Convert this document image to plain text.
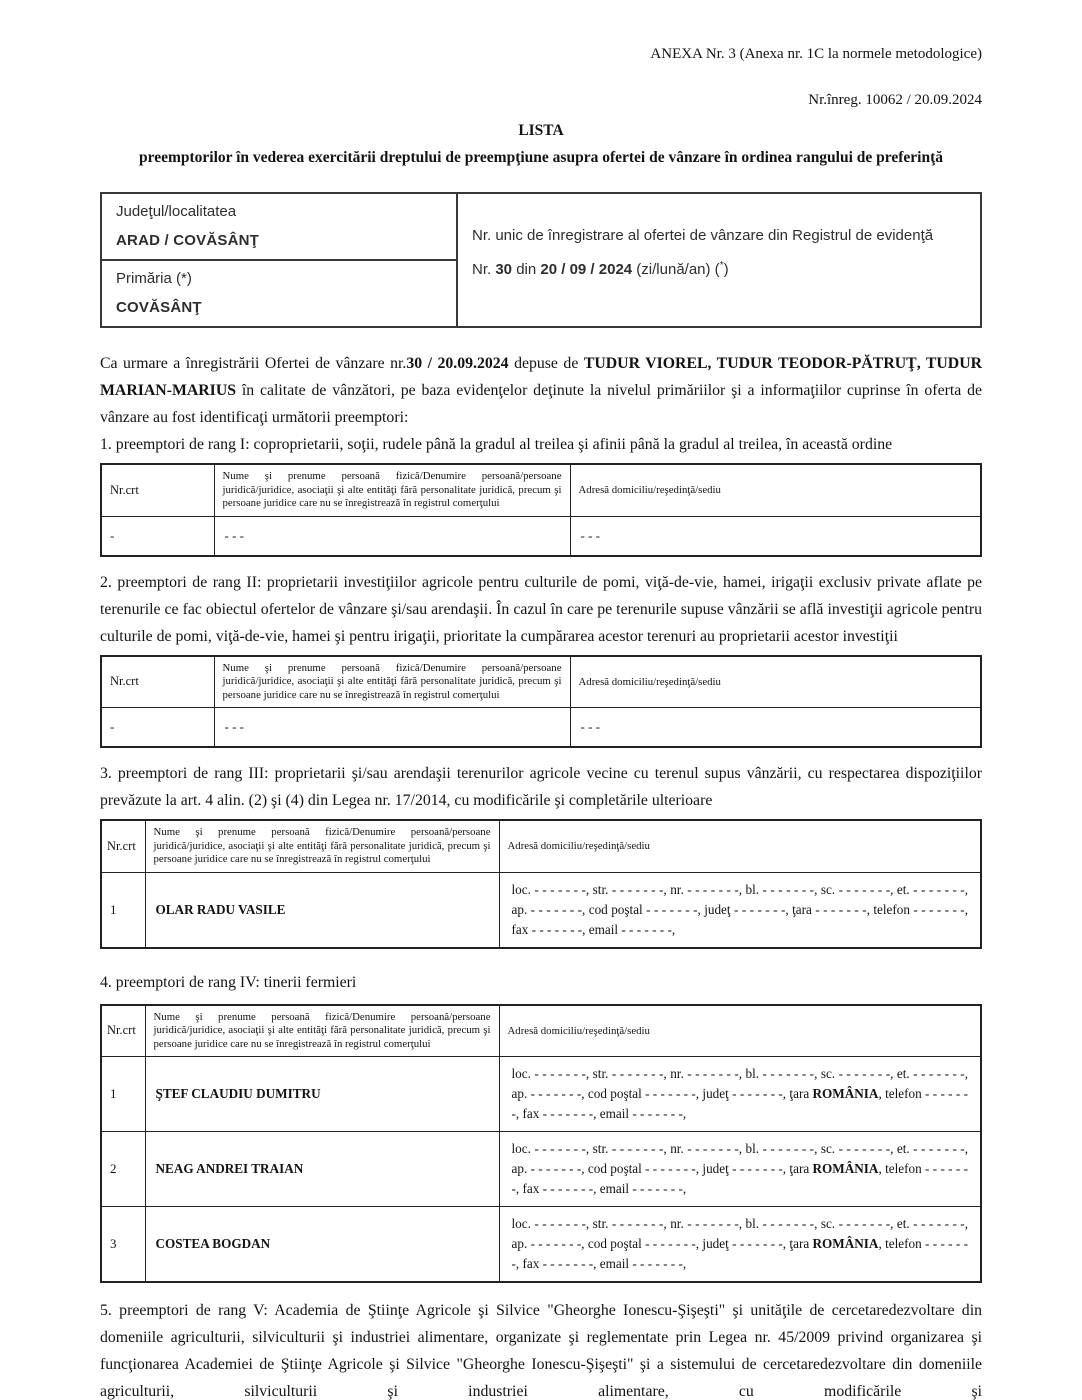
ANEXA Nr. 3 (Anexa nr. 1C la normele metodologice)
Nr.înreg. 10062 / 20.09.2024
LISTA
preemptorilor în vederea exercitării dreptului de preempţiune asupra ofertei de vânzare în ordinea rangului de preferinţă
Judeţul/localitatea
ARAD / COVĂSÂNŢ	Nr. unic de înregistrare al ofertei de vânzare din Registrul de evidenţă

Nr. 30 din 20 / 09 / 2024 (zi/lună/an) (*)

Primăria (*)
COVĂSÂNŢ

Ca urmare a înregistrării Ofertei de vânzare nr.30 / 20.09.2024 depuse de TUDUR VIOREL, TUDUR TEODOR-PĂTRUŢ, TUDUR MARIAN-MARIUS în calitate de vânzători, pe baza evidenţelor deţinute la nivelul primăriilor şi a informaţiilor cuprinse în oferta de vânzare au fost identificaţi următorii preemptori:

1. preemptori de rang I: coproprietarii, soţii, rudele până la gradul al treilea şi afinii până la gradul al treilea, în această ordine

Nr.crt	Nume şi prenume persoană fizică/Denumire persoană/persoane juridică/juridice, asociaţii şi alte entităţi fără personalitate juridică, precum şi persoane juridice care nu se înregistrează în registrul comerţului	Adresă domiciliu/reşedinţă/sediu
-	- - -	- - -

2. preemptori de rang II: proprietarii investiţiilor agricole pentru culturile de pomi, viţă-de-vie, hamei, irigaţii exclusiv private aflate pe terenurile ce fac obiectul ofertelor de vânzare şi/sau arendaşii. În cazul în care pe terenurile supuse vânzării se află investiţii agricole pentru culturile de pomi, viţă-de-vie, hamei şi pentru irigaţii, prioritate la cumpărarea acestor terenuri au proprietarii acestor investiţii

Nr.crt	Nume şi prenume persoană fizică/Denumire persoană/persoane juridică/juridice, asociaţii şi alte entităţi fără personalitate juridică, precum şi persoane juridice care nu se înregistrează în registrul comerţului	Adresă domiciliu/reşedinţă/sediu
-	- - -	- - -

3. preemptori de rang III: proprietarii şi/sau arendaşii terenurilor agricole vecine cu terenul supus vânzării, cu respectarea dispoziţiilor prevăzute la art. 4 alin. (2) şi (4) din Legea nr. 17/2014, cu modificările şi completările ulterioare

Nr.crt	Nume şi prenume persoană fizică/Denumire persoană/persoane juridică/juridice, asociaţii şi alte entităţi fără personalitate juridică, precum şi persoane juridice care nu se înregistrează în registrul comerţului	Adresă domiciliu/reşedinţă/sediu
1	OLAR RADU VASILE	loc. - - - - - - -, str. - - - - - - -, nr. - - - - - - -, bl. - - - - - - -, sc. - - - - - - -, et. - - - - - - -, ap. - - - - - - -, cod poştal - - - - - - -, judeţ - - - - - - -, ţara - - - - - - -, telefon - - - - - - -, fax - - - - - - -, email - - - - - - -,

4. preemptori de rang IV: tinerii fermieri

Nr.crt	Nume şi prenume persoană fizică/Denumire persoană/persoane juridică/juridice, asociaţii şi alte entităţi fără personalitate juridică, precum şi persoane juridice care nu se înregistrează în registrul comerţului	Adresă domiciliu/reşedinţă/sediu
1	ŞTEF CLAUDIU DUMITRU	loc. - - - - - - -, str. - - - - - - -, nr. - - - - - - -, bl. - - - - - - -, sc. - - - - - - -, et. - - - - - - -, ap. - - - - - - -, cod poştal - - - - - - -, judeţ - - - - - - -, ţara ROMÂNIA, telefon - - - - - - -, fax - - - - - - -, email - - - - - - -,
2	NEAG ANDREI TRAIAN	loc. - - - - - - -, str. - - - - - - -, nr. - - - - - - -, bl. - - - - - - -, sc. - - - - - - -, et. - - - - - - -, ap. - - - - - - -, cod poştal - - - - - - -, judeţ - - - - - - -, ţara ROMÂNIA, telefon - - - - - - -, fax - - - - - - -, email - - - - - - -,
3	COSTEA BOGDAN	loc. - - - - - - -, str. - - - - - - -, nr. - - - - - - -, bl. - - - - - - -, sc. - - - - - - -, et. - - - - - - -, ap. - - - - - - -, cod poştal - - - - - - -, judeţ - - - - - - -, ţara ROMÂNIA, telefon - - - - - - -, fax - - - - - - -, email - - - - - - -,

5. preemptori de rang V: Academia de Ştiinţe Agricole şi Silvice "Gheorghe Ionescu-Şişeşti" şi unităţile de cercetaredezvoltare din domeniile agriculturii, silviculturii şi industriei alimentare, organizate şi reglementate prin Legea nr. 45/2009 privind organizarea şi funcţionarea Academiei de Ştiinţe Agricole şi Silvice "Gheorghe Ionescu-Şişeşti" şi a sistemului de cercetaredezvoltare din domeniile agriculturii, silviculturii şi industriei alimentare, cu modificările şi
